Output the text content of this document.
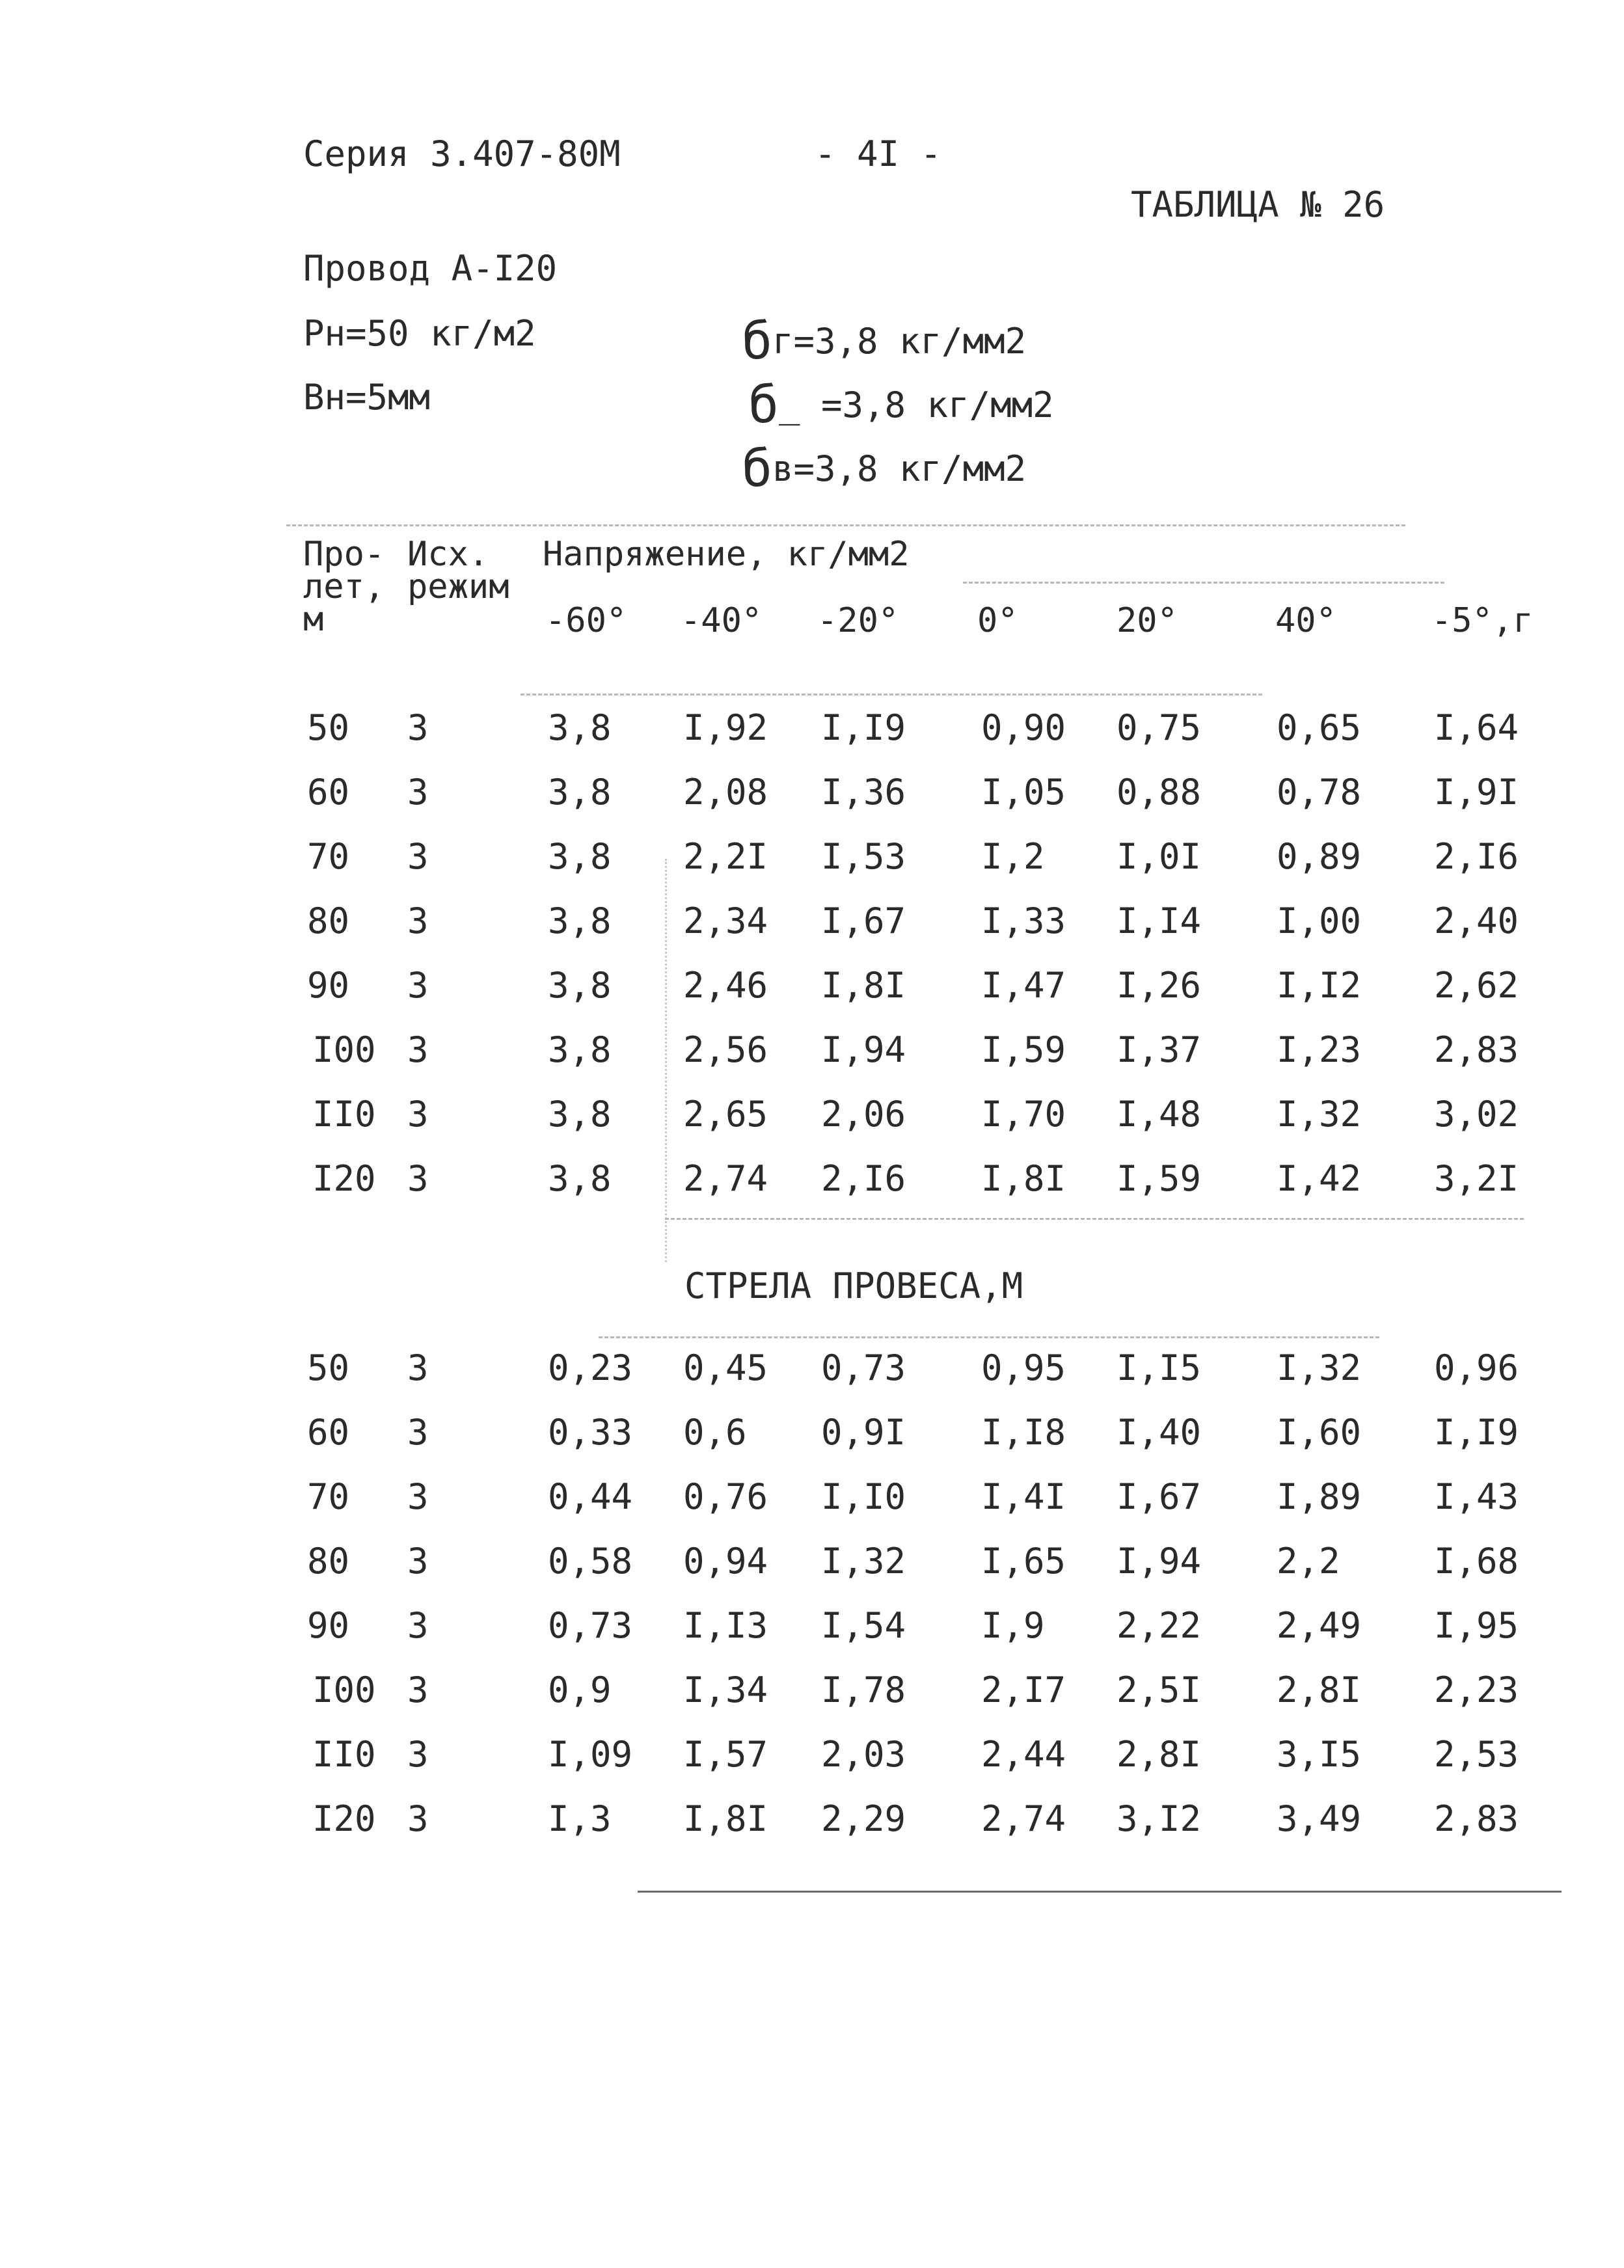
Серия 3.407-80М	- 4I -
ТАБЛИЦА № 26
Провод А-I20
Рн=50 кг/м2
Вн=5мм
бг=3,8 кг/мм2
б_ =3,8 кг/мм2
бв=3,8 кг/мм2
Про-
лет,
м
Исх.
режим
Напряжение, кг/мм2
-60° -40° -20° 0°	20°	40°	-5°,г
50 3	3,8 I,92 I,I9 0,90 0,75 0,65 I,64
60 3	3,8 2,08 I,36 I,05 0,88 0,78 I,9I
70 3	3,8 2,2I I,53 I,2 I,0I 0,89 2,I6
80 3	3,8 2,34 I,67 I,33 I,I4 I,00 2,40
90 3	3,8 2,46 I,8I I,47 I,26 I,I2 2,62
I00 3	3,8 2,56 I,94 I,59 I,37 I,23 2,83
II0 3	3,8 2,65 2,06 I,70 I,48 I,32 3,02
I20 3	3,8 2,74 2,I6 I,8I I,59 I,42 3,2I
СТРЕЛА ПРОВЕСА,М
50 3	0,23 0,45 0,73 0,95 I,I5 I,32 0,96
60 3	0,33 0,6 0,9I I,I8 I,40 I,60 I,I9
70 3	0,44 0,76 I,I0 I,4I I,67 I,89 I,43
80 3	0,58 0,94 I,32 I,65 I,94 2,2	I,68
90 3	0,73 I,I3 I,54 I,9 2,22 2,49 I,95
I00 3	0,9 I,34 I,78 2,I7 2,5I 2,8I 2,23
II0 3	I,09 I,57 2,03 2,44 2,8I 3,I5 2,53
I20 3	I,3 I,8I 2,29 2,74 3,I2 3,49 2,83
